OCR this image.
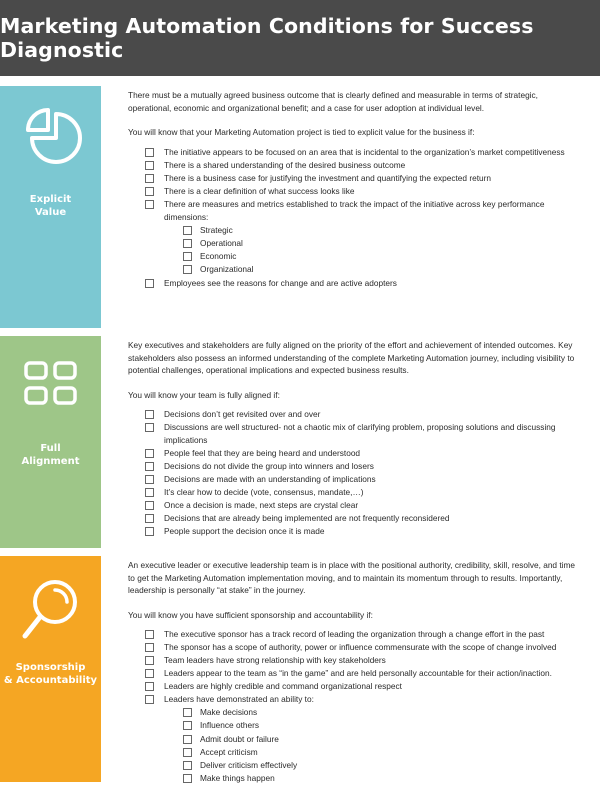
Marketing Automation Conditions for Success Diagnostic
Explicit
Value
Full
Alignment
Sponsorship
& Accountability

There must be a mutually agreed business outcome that is clearly defined and measurable in terms of strategic, operational, economic and organizational benefit; and a case for user adoption at individual level.

You will know that your Marketing Automation project is tied to explicit value for the business if:

The initiative appears to be focused on an area that is incidental to the organization’s market competitiveness
There is a shared understanding of the desired business outcome
There is a business case for justifying the investment and quantifying the expected return
There is a clear definition of what success looks like
There are measures and metrics established to track the impact of the initiative across key performance dimensions:
Strategic
Operational
Economic
Organizational
Employees see the reasons for change and are active adopters

Key executives and stakeholders are fully aligned on the priority of the effort and achievement of intended outcomes. Key stakeholders also possess an informed understanding of the complete Marketing Automation journey, including visibility to potential challenges, operational implications and expected business results.

You will know your team is fully aligned if:

Decisions don’t get revisited over and over
Discussions are well structured- not a chaotic mix of clarifying problem, proposing solutions and discussing implications
People feel that they are being heard and understood
Decisions do not divide the group into winners and losers
Decisions are made with an understanding of implications
It’s clear how to decide (vote, consensus, mandate,…)
Once a decision is made, next steps are crystal clear
Decisions that are already being implemented are not frequently reconsidered
People support the decision once it is made

An executive leader or executive leadership team is in place with the positional authority, credibility, skill, resolve, and time to get the Marketing Automation implementation moving, and to maintain its momentum through to results. Importantly, leadership is personally “at stake” in the journey.

You will know you have sufficient sponsorship and accountability if:

The executive sponsor has a track record of leading the organization through a change effort in the past
The sponsor has a scope of authority, power or influence commensurate with the scope of change involved
Team leaders have strong relationship with key stakeholders
Leaders appear to the team as “in the game” and are held personally accountable for their action/inaction.
Leaders are highly credible and command organizational respect
Leaders have demonstrated an ability to:
Make decisions
Influence others
Admit doubt or failure
Accept criticism
Deliver criticism effectively
Make things happen
